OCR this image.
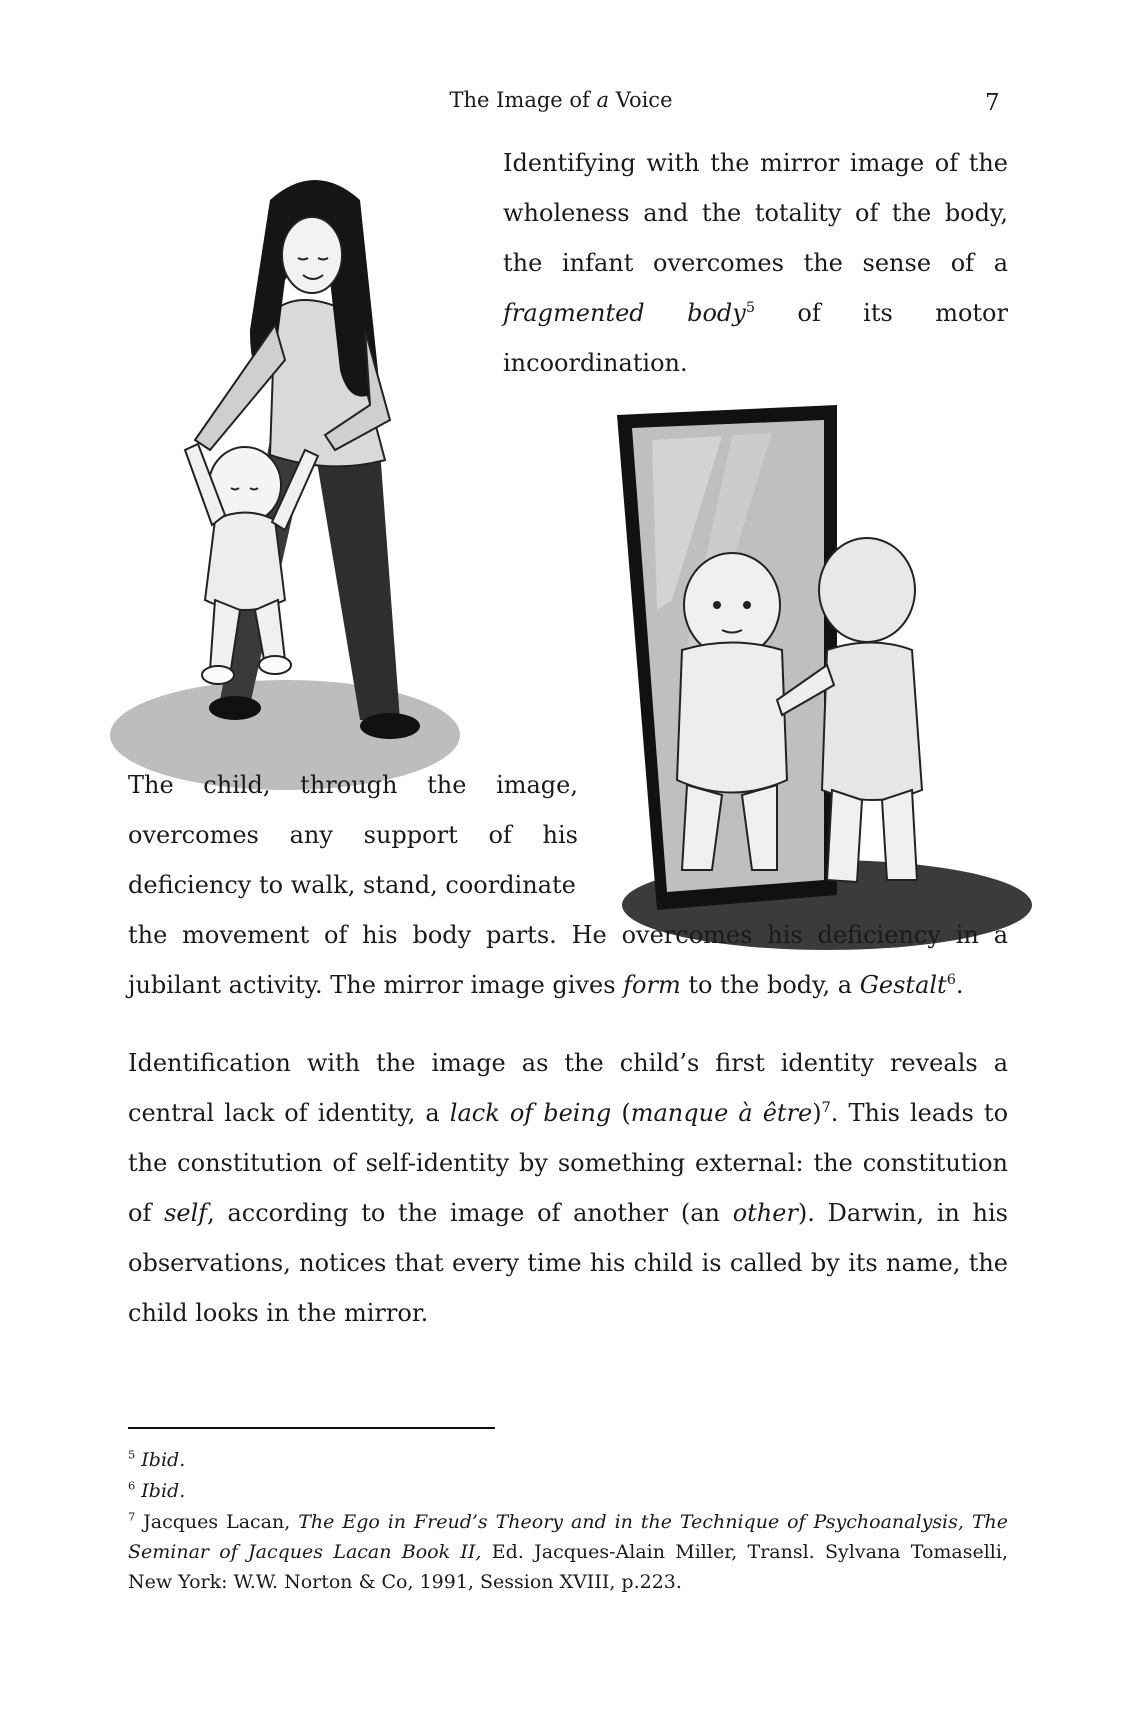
The Image of a Voice	7
Identifying with the mirror image of the wholeness and the totality of the body, the infant overcomes the sense of a fragmented body$^5$ of its motor incoordination.
The child, through the image,
overcomes any support of his
deficiency to walk, stand, coordinate
the movement of his body parts. He overcomes his deficiency in a jubilant activity. The mirror image gives form to the body, a Gestalt$^6$.
Identification with the image as the child’s first identity reveals a central lack of identity, a lack of being (manque à être)$^7$. This leads to the constitution of self-identity by something external: the constitution of self, according to the image of another (an other). Darwin, in his observations, notices that every time his child is called by its name, the child looks in the mirror.
$^5$ Ibid.
$^6$ Ibid.
$^7$ Jacques Lacan, The Ego in Freud’s Theory and in the Technique of Psychoanalysis, The Seminar of Jacques Lacan Book II, Ed. Jacques-Alain Miller, Transl. Sylvana Tomaselli, New York: W.W. Norton & Co, 1991, Session XVIII, p.223.
